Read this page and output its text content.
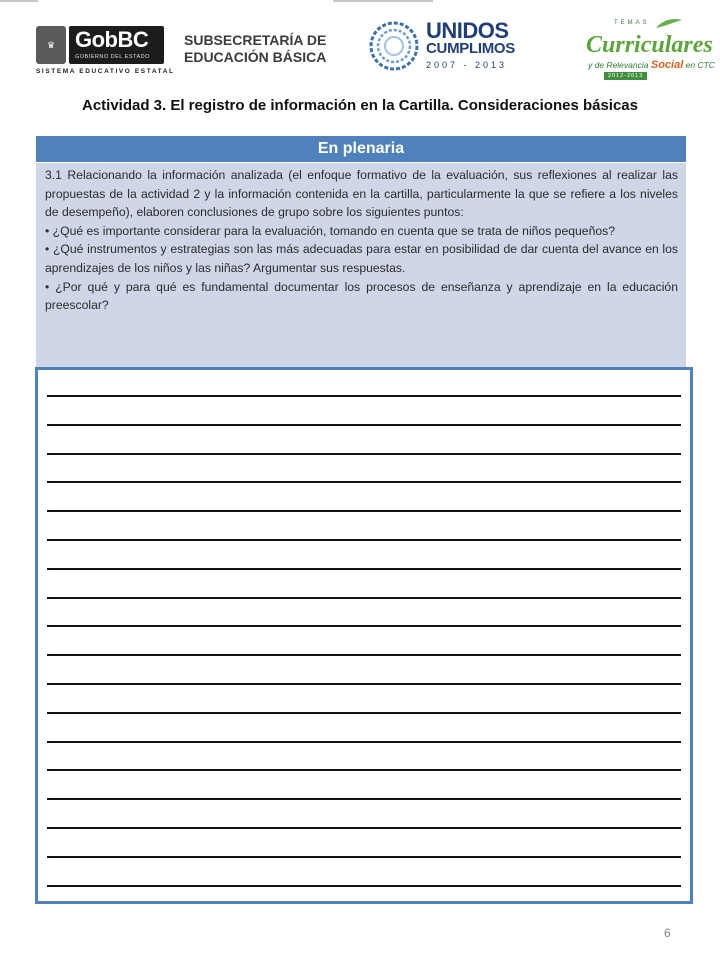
♛ GobBC
GOBIERNO DEL ESTADO
SISTEMA EDUCATIVO ESTATAL
SUBSECRETARÍA DE
EDUCACIÓN BÁSICA
UNIDOS
CUMPLIMOS
2007 - 2013
TEMAS
Curriculares
y de Relevancia Social en CTC
2012-2013
Actividad 3. El registro de información en la Cartilla. Consideraciones básicas
En plenaria

3.1 Relacionando la información analizada (el enfoque formativo de la evaluación, sus reflexiones al realizar las propuestas de la actividad 2 y la información contenida en la cartilla, particularmente la que se refiere a los niveles de desempeño), elaboren conclusiones de grupo sobre los siguientes puntos:

• ¿Qué es importante considerar para la evaluación, tomando en cuenta que se trata de niños pequeños?

• ¿Qué instrumentos y estrategias son las más adecuadas para estar en posibilidad de dar cuenta del avance en los aprendizajes de los niños y las niñas? Argumentar sus respuestas.

• ¿Por qué y para qué es fundamental documentar los procesos de enseñanza y aprendizaje en la educación preescolar?

6
